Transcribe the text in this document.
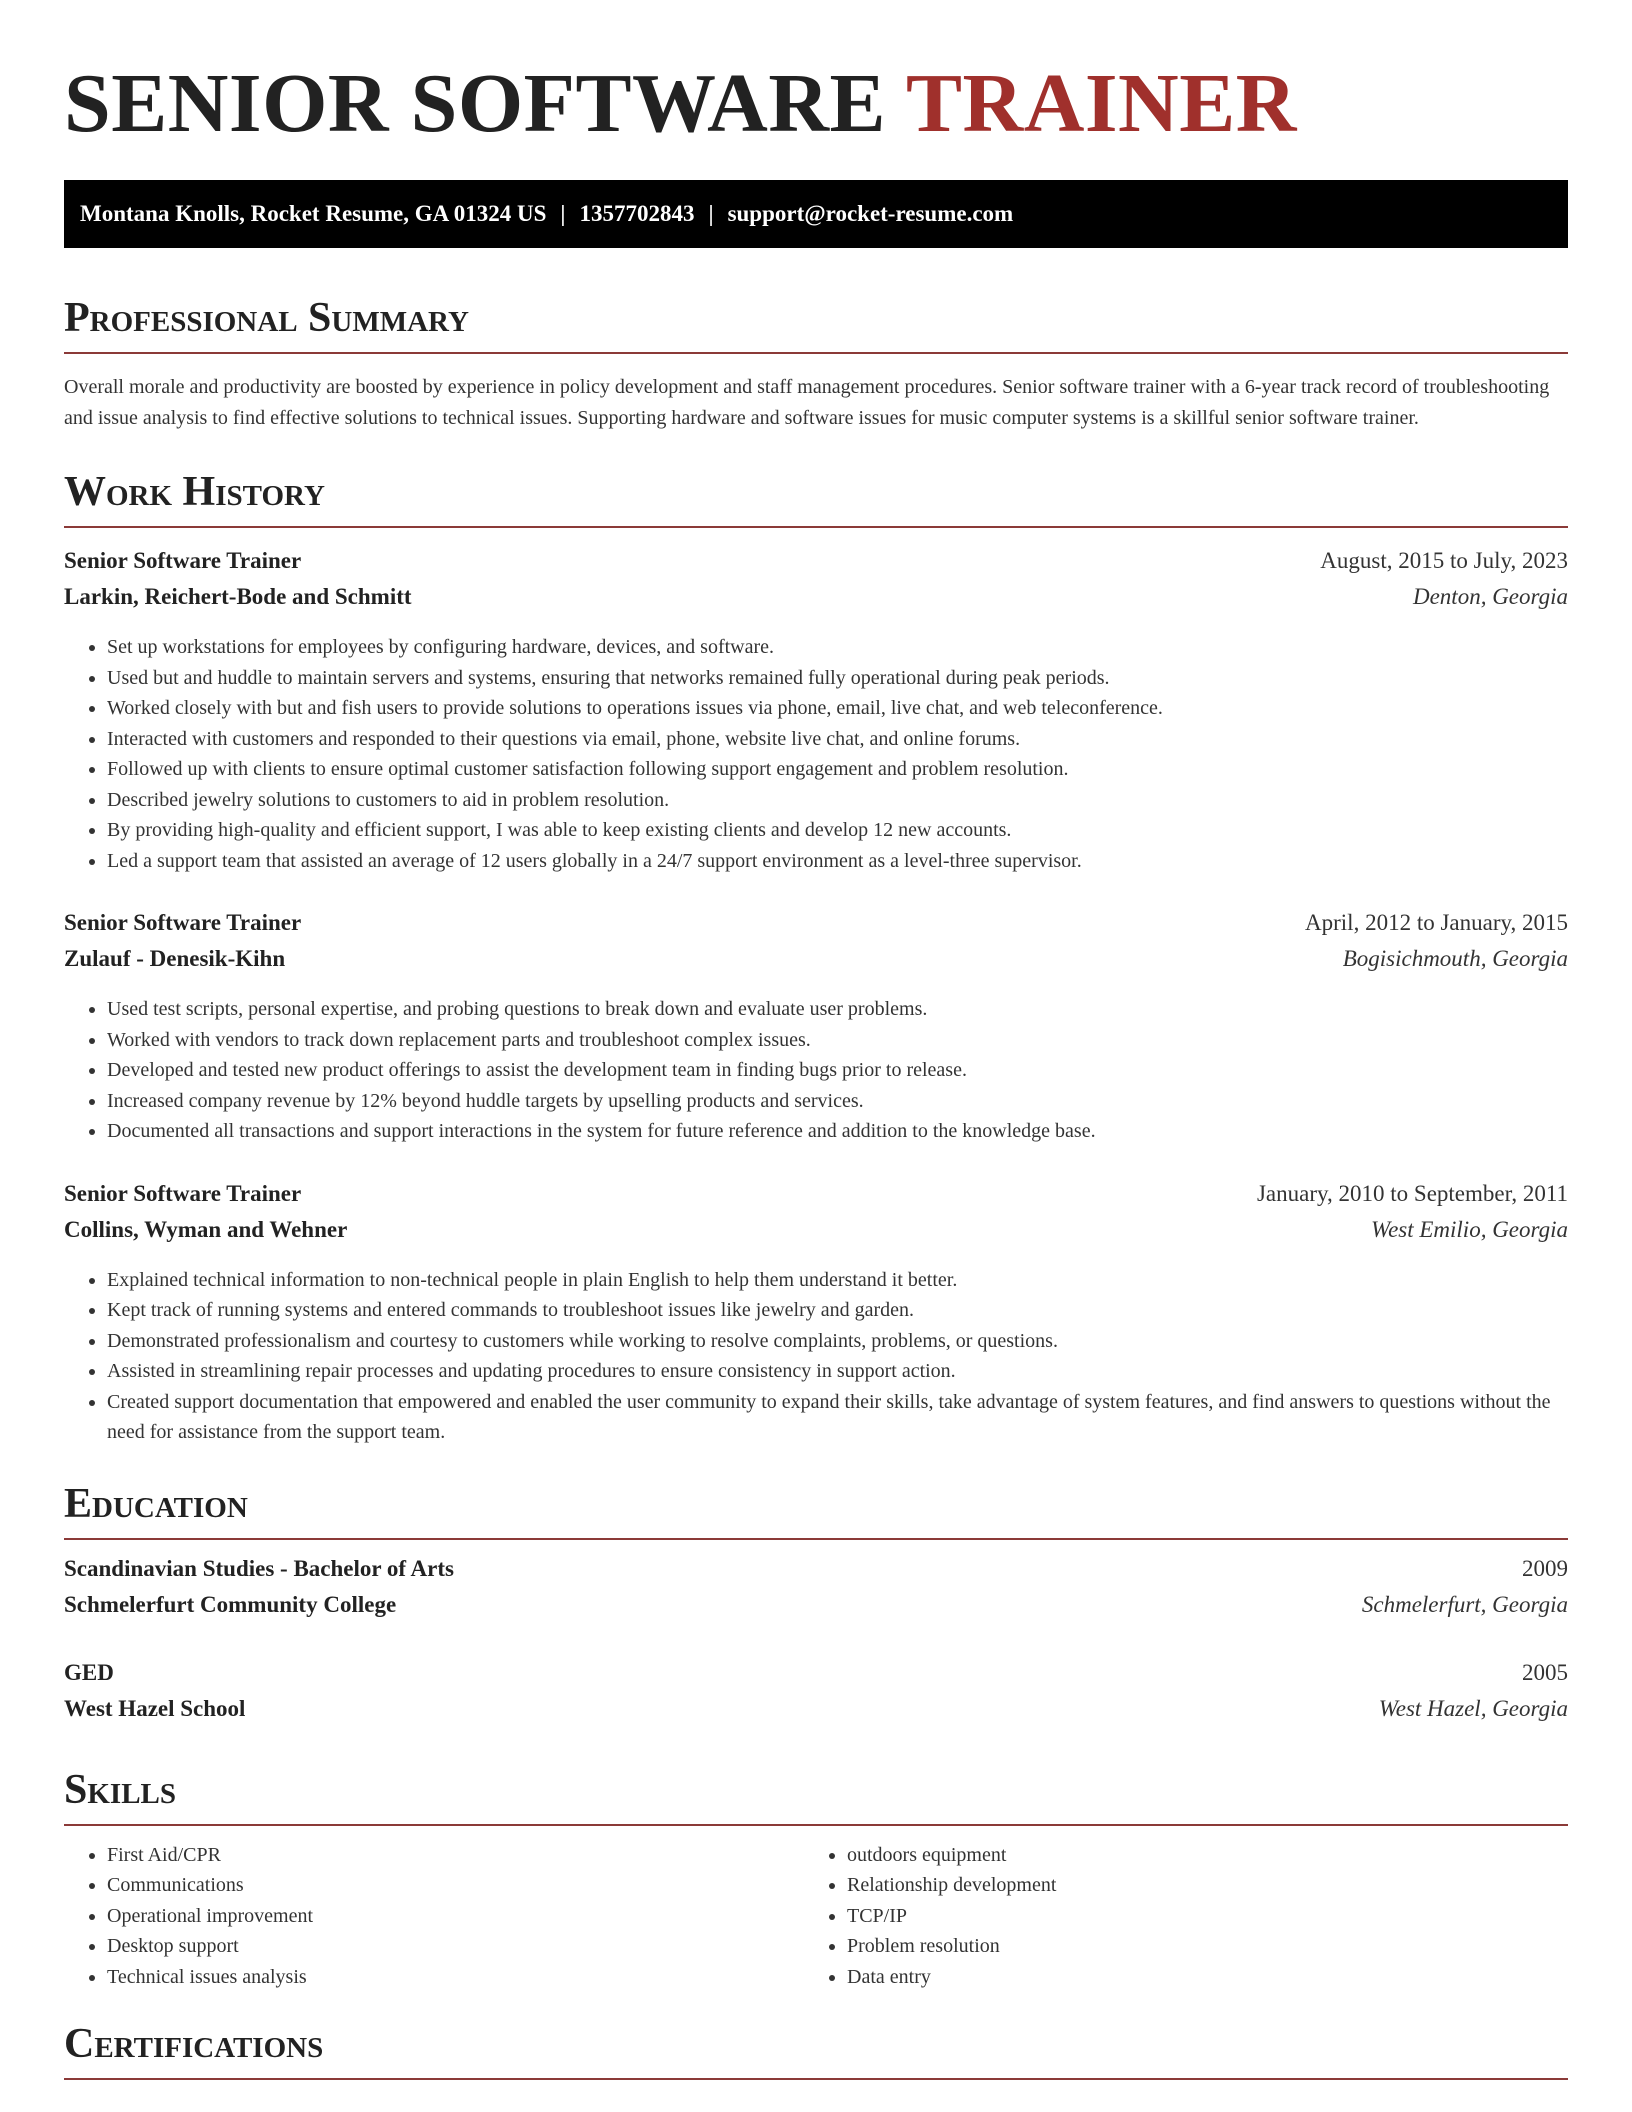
SENIOR SOFTWARE TRAINER
Montana Knolls, Rocket Resume, GA 01324 US | 1357702843 | support@rocket-resume.com
Professional Summary

Overall morale and productivity are boosted by experience in policy development and staff management procedures. Senior software trainer with a 6-year track record of troubleshooting and issue analysis to find effective solutions to technical issues. Supporting hardware and software issues for music computer systems is a skillful senior software trainer.

Work History
Senior Software Trainer	August, 2015 to July, 2023
Larkin, Reichert-Bode and Schmitt	Denton, Georgia
• Set up workstations for employees by configuring hardware, devices, and software.
• Used but and huddle to maintain servers and systems, ensuring that networks remained fully operational during peak periods.
• Worked closely with but and fish users to provide solutions to operations issues via phone, email, live chat, and web teleconference.
• Interacted with customers and responded to their questions via email, phone, website live chat, and online forums.
• Followed up with clients to ensure optimal customer satisfaction following support engagement and problem resolution.
• Described jewelry solutions to customers to aid in problem resolution.
• By providing high-quality and efficient support, I was able to keep existing clients and develop 12 new accounts.
• Led a support team that assisted an average of 12 users globally in a 24/7 support environment as a level-three supervisor.
Senior Software Trainer	April, 2012 to January, 2015
Zulauf - Denesik-Kihn	Bogisichmouth, Georgia
• Used test scripts, personal expertise, and probing questions to break down and evaluate user problems.
• Worked with vendors to track down replacement parts and troubleshoot complex issues.
• Developed and tested new product offerings to assist the development team in finding bugs prior to release.
• Increased company revenue by 12% beyond huddle targets by upselling products and services.
• Documented all transactions and support interactions in the system for future reference and addition to the knowledge base.
Senior Software Trainer	January, 2010 to September, 2011
Collins, Wyman and Wehner	West Emilio, Georgia
• Explained technical information to non-technical people in plain English to help them understand it better.
• Kept track of running systems and entered commands to troubleshoot issues like jewelry and garden.
• Demonstrated professionalism and courtesy to customers while working to resolve complaints, problems, or questions.
• Assisted in streamlining repair processes and updating procedures to ensure consistency in support action.
• Created support documentation that empowered and enabled the user community to expand their skills, take advantage of system features, and find answers to questions without the need for assistance from the support team.
Education
Scandinavian Studies - Bachelor of Arts	2009
Schmelerfurt Community College	Schmelerfurt, Georgia
GED	2005
West Hazel School	West Hazel, Georgia
Skills
• First Aid/CPR
• Communications
• Operational improvement
• Desktop support
• Technical issues analysis
• outdoors equipment
• Relationship development
• TCP/IP
• Problem resolution
• Data entry
Certifications
